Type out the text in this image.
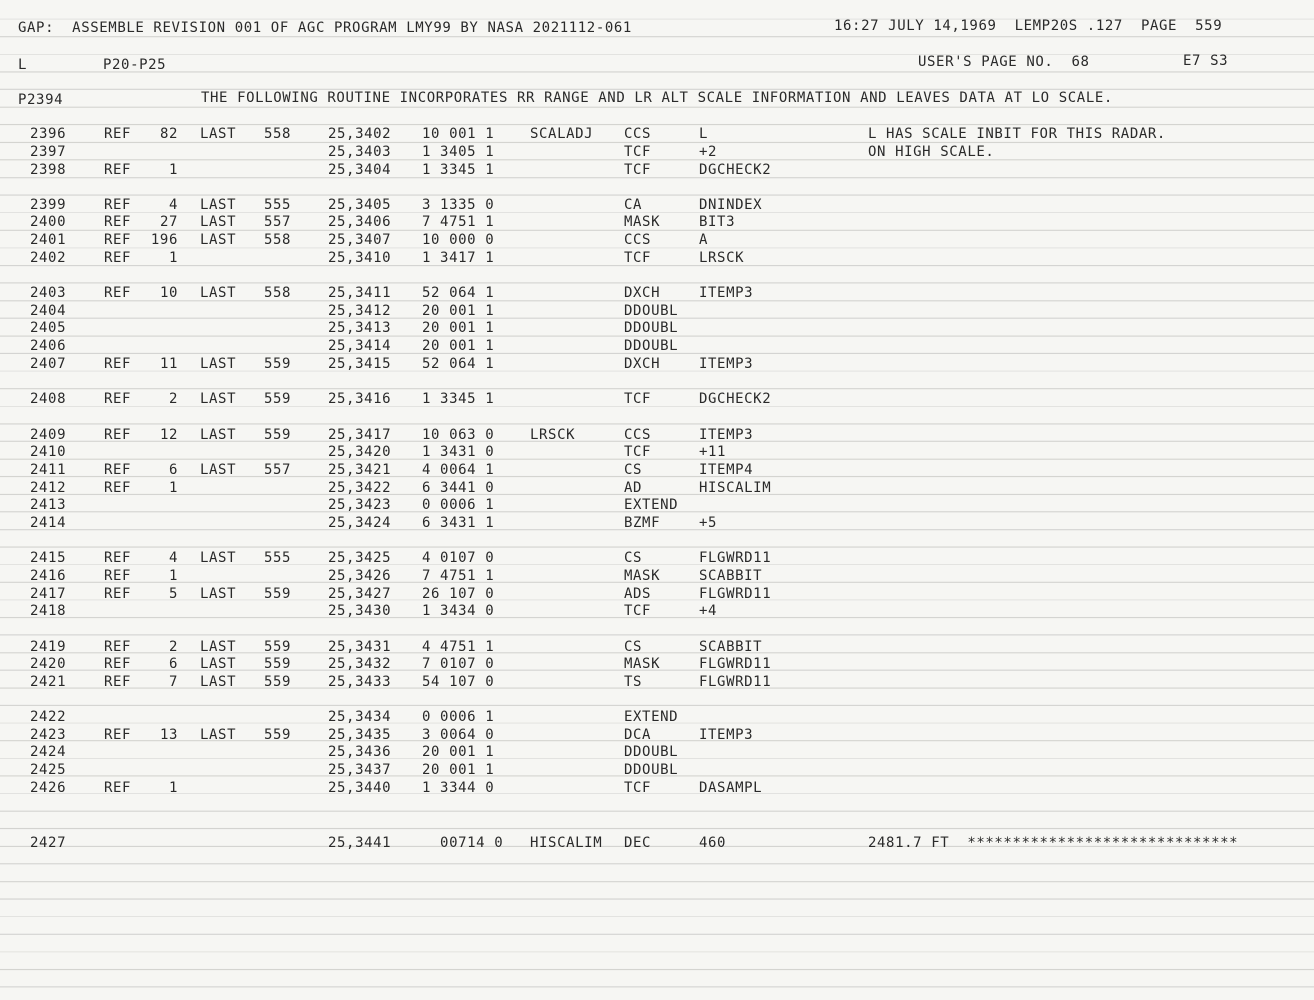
GAP:  ASSEMBLE REVISION 001 OF AGC PROGRAM LMY99 BY NASA 2021112-061	16:27 JULY 14,1969  LEMP20S .127  PAGE  559
L	P20-P25	USER'S PAGE NO.  68	E7 S3
P2394	THE FOLLOWING ROUTINE INCORPORATES RR RANGE AND LR ALT SCALE INFORMATION AND LEAVES DATA AT LO SCALE.
2396	REF	82 LAST 558	25,3402 10 001 1	SCALADJ CCS	L	L HAS SCALE INBIT FOR THIS RADAR.
2397	25,3403 1 3405 1	TCF	+2	ON HIGH SCALE.
2398	REF	1	25,3404 1 3345 1	TCF	DGCHECK2
2399	REF	4 LAST 555	25,3405 3 1335 0	CA	DNINDEX
2400	REF	27 LAST 557	25,3406 7 4751 1	MASK	BIT3
2401	REF 196 LAST 558	25,3407 10 000 0	CCS	A
2402	REF	1	25,3410 1 3417 1	TCF	LRSCK
2403	REF	10 LAST 558	25,3411 52 064 1	DXCH	ITEMP3
2404	25,3412 20 001 1	DDOUBL
2405	25,3413 20 001 1	DDOUBL
2406	25,3414 20 001 1	DDOUBL
2407	REF	11 LAST 559	25,3415 52 064 1	DXCH	ITEMP3
2408	REF	2 LAST 559	25,3416 1 3345 1	TCF	DGCHECK2
2409	REF	12 LAST 559	25,3417 10 063 0	LRSCK	CCS	ITEMP3
2410	25,3420 1 3431 0	TCF	+11
2411	REF	6 LAST 557	25,3421 4 0064 1	CS	ITEMP4
2412	REF	1	25,3422 6 3441 0	AD	HISCALIM
2413	25,3423 0 0006 1	EXTEND
2414	25,3424 6 3431 1	BZMF	+5
2415	REF	4 LAST 555	25,3425 4 0107 0	CS	FLGWRD11
2416	REF	1	25,3426 7 4751 1	MASK	SCABBIT
2417	REF	5 LAST 559	25,3427 26 107 0	ADS	FLGWRD11
2418	25,3430 1 3434 0	TCF	+4
2419	REF	2 LAST 559	25,3431 4 4751 1	CS	SCABBIT
2420	REF	6 LAST 559	25,3432 7 0107 0	MASK	FLGWRD11
2421	REF	7 LAST 559	25,3433 54 107 0	TS	FLGWRD11
2422	25,3434 0 0006 1	EXTEND
2423	REF	13 LAST 559	25,3435 3 0064 0	DCA	ITEMP3
2424	25,3436 20 001 1	DDOUBL
2425	25,3437 20 001 1	DDOUBL
2426	REF	1	25,3440 1 3344 0	TCF	DASAMPL
2427	25,3441 00714 0 HISCALIM DEC	460	2481.7 FT  ******************************
